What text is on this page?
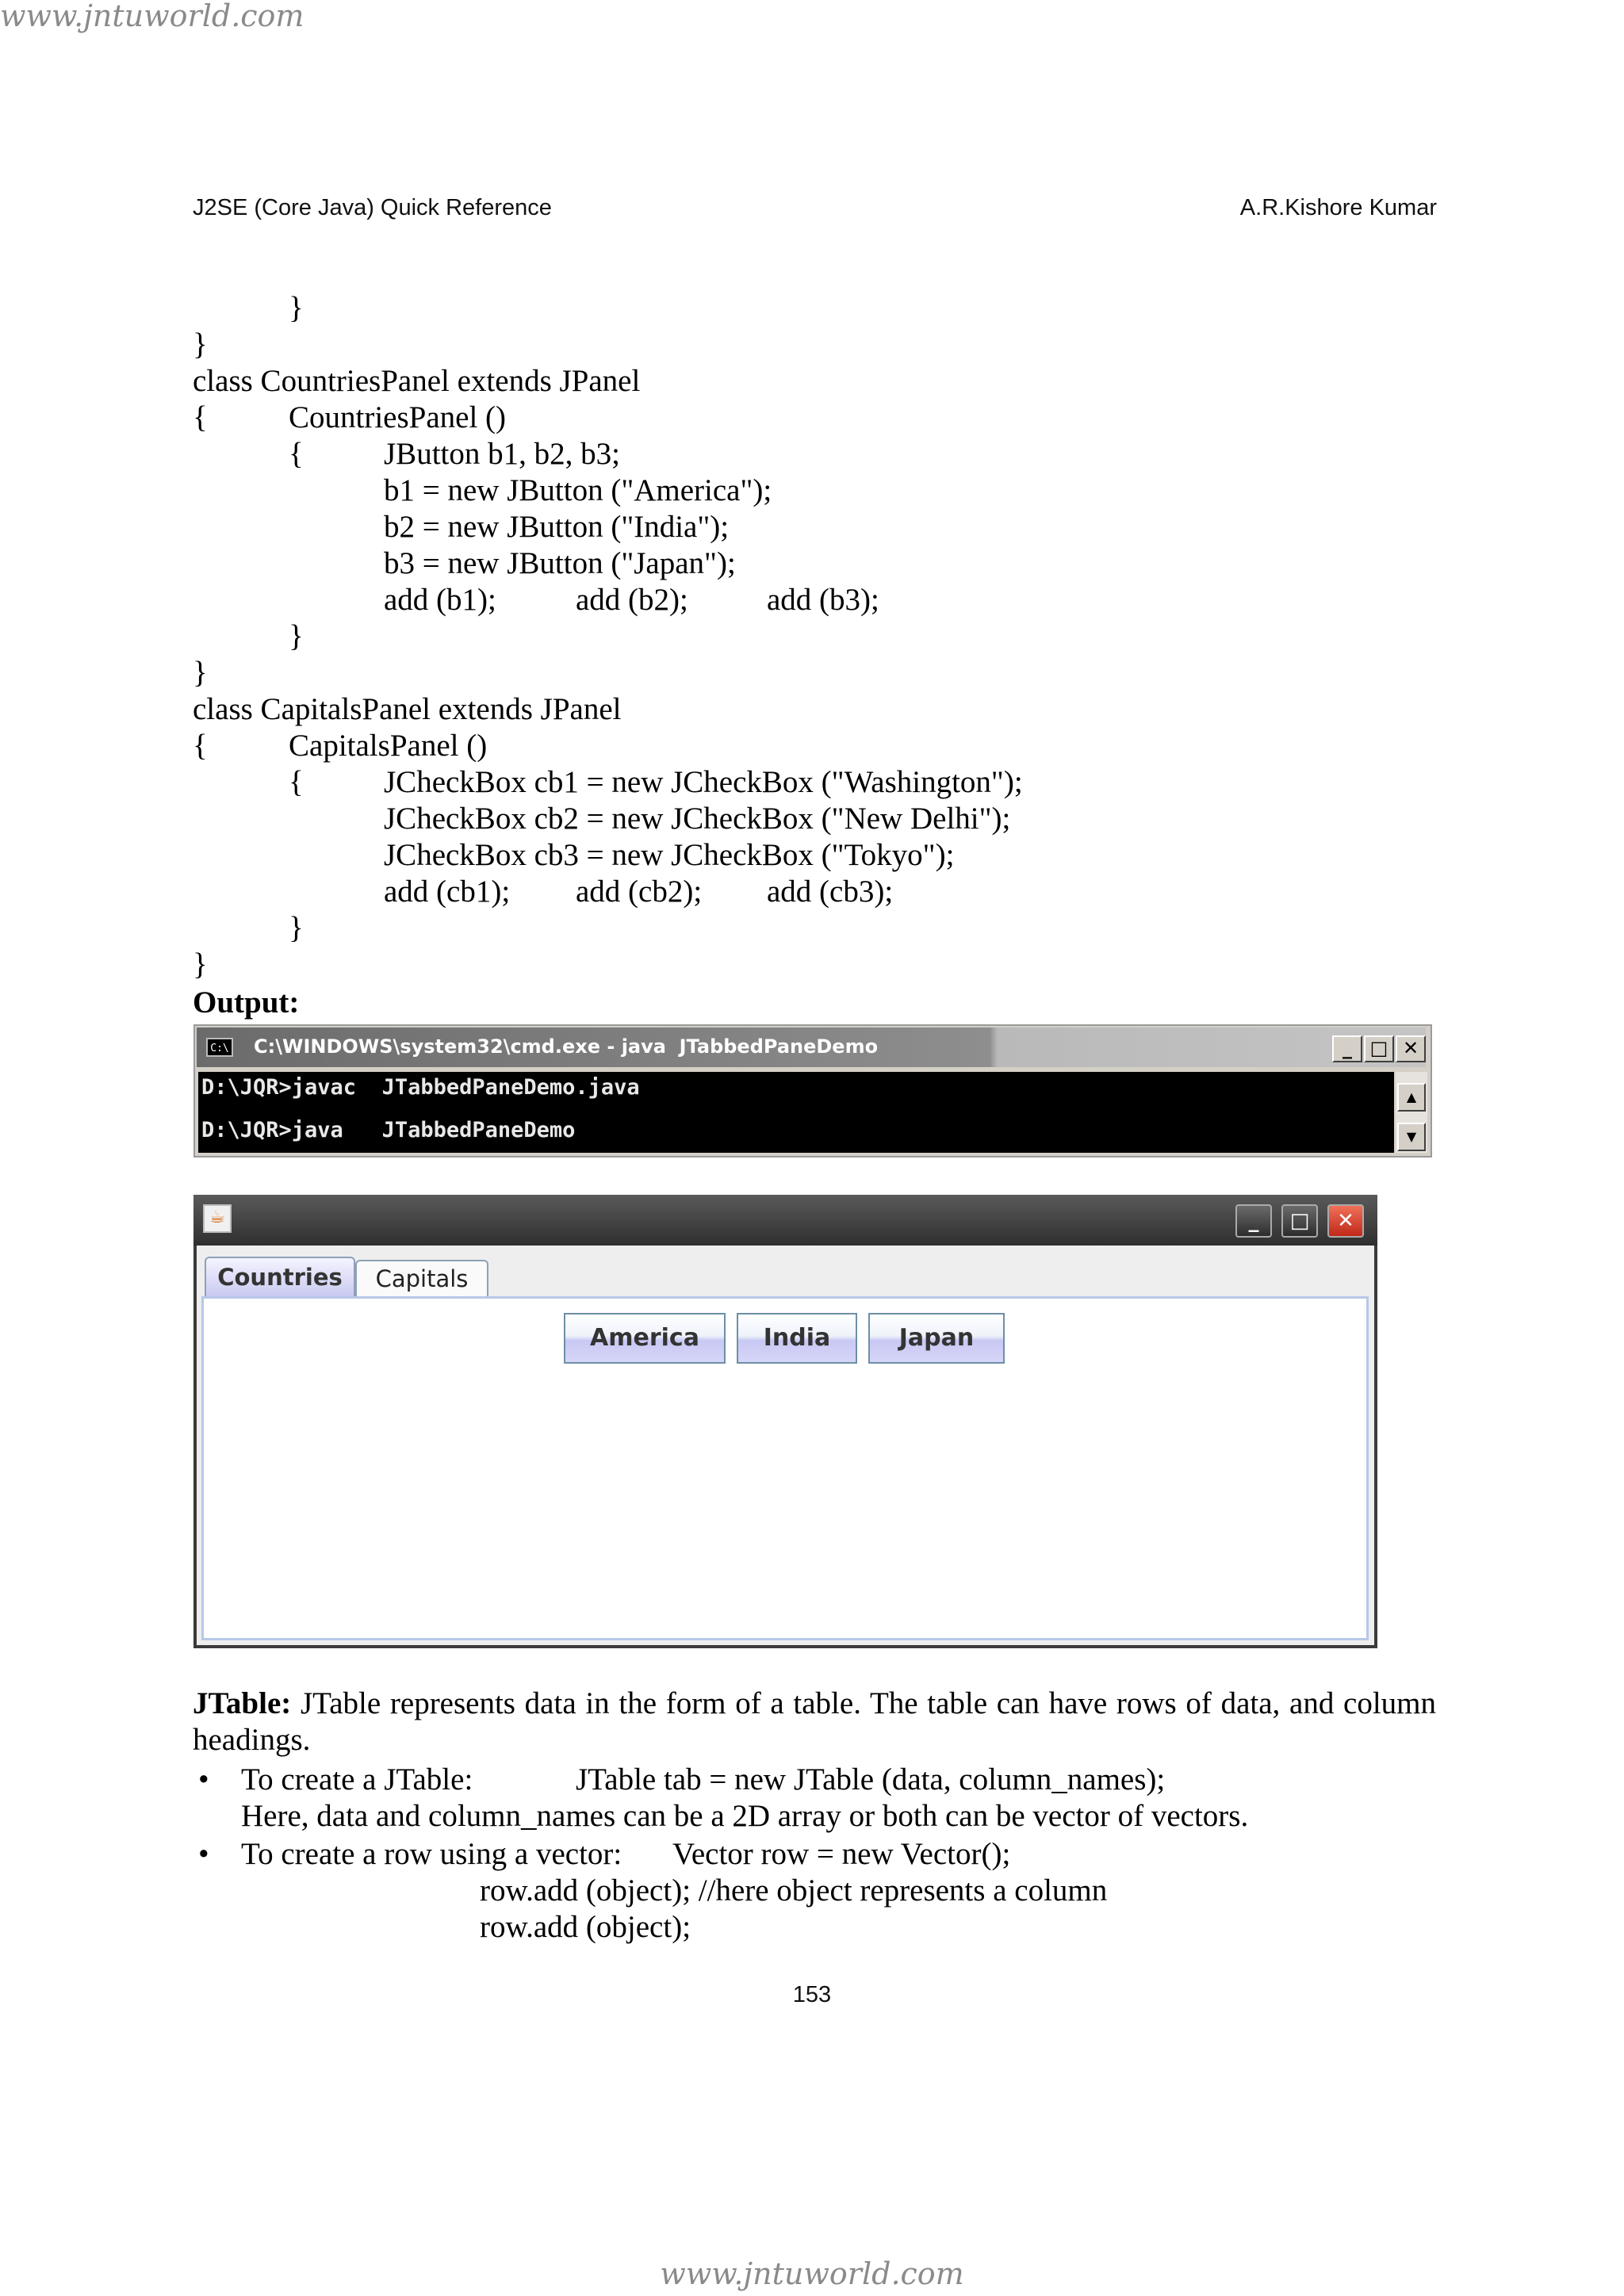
www.jntuworld.com
J2SE (Core Java) Quick Reference	A.R.Kishore Kumar
}
}
class CountriesPanel extends JPanel
{	CountriesPanel ()
{	JButton b1, b2, b3;
b1 = new JButton ("America");
b2 = new JButton ("India");
b3 = new JButton ("Japan");
add (b1);	add (b2);	add (b3);
}
}
class CapitalsPanel extends JPanel
{	CapitalsPanel ()
{	JCheckBox cb1 = new JCheckBox ("Washington");
JCheckBox cb2 = new JCheckBox ("New Delhi");
JCheckBox cb3 = new JCheckBox ("Tokyo");
add (cb1); add (cb2); add (cb3);
}
}
Output:
C:\ C:\WINDOWS\system32\cmd.exe - java  JTabbedPaneDemo	_ □ ✕
D:\JQR>javac  JTabbedPaneDemo.java
D:\JQR>java   JTabbedPaneDemo
▲
▼
☕	_	□	✕
Countries	Capitals
America	India	Japan
JTable: JTable represents data in the form of a table. The table can have rows of data, and column headings.
• To create a JTable:	JTable tab = new JTable (data, column_names);
Here, data and column_names can be a 2D array or both can be vector of vectors.
• To create a row using a vector: Vector row = new Vector();
row.add (object); //here object represents a column
row.add (object);
153
www.jntuworld.com
